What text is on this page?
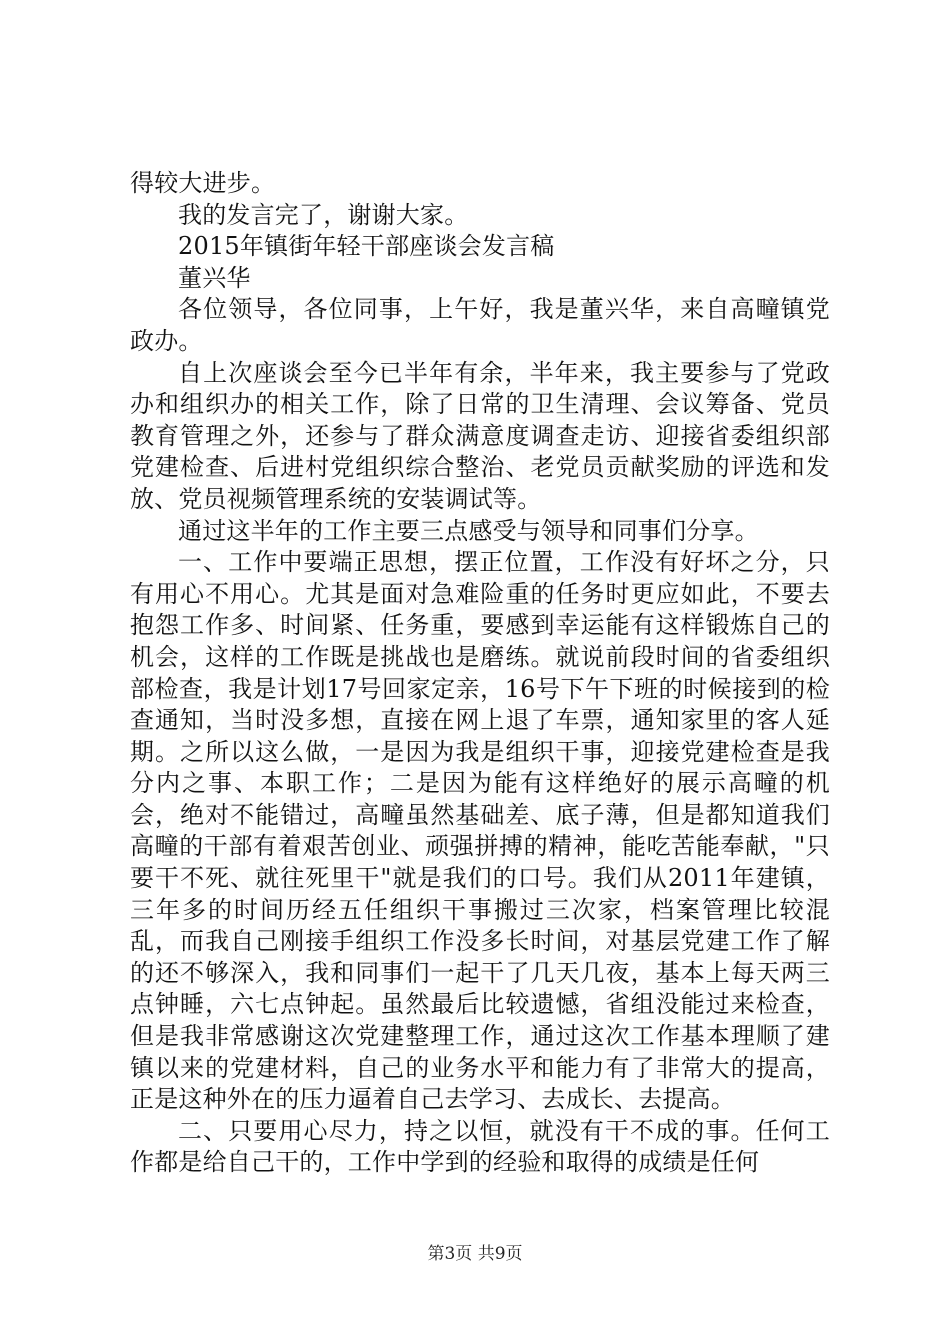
得较大进步。

我的发言完了，谢谢大家。

2015年镇街年轻干部座谈会发言稿

董兴华

各位领导，各位同事，上午好，我是董兴华，来自高疃镇党政办。

自上次座谈会至今已半年有余，半年来，我主要参与了党政办和组织办的相关工作，除了日常的卫生清理、会议筹备、党员教育管理之外，还参与了群众满意度调查走访、迎接省委组织部党建检查、后进村党组织综合整治、老党员贡献奖励的评选和发放、党员视频管理系统的安装调试等。

通过这半年的工作主要三点感受与领导和同事们分享。

一、工作中要端正思想，摆正位置，工作没有好坏之分，只有用心不用心。尤其是面对急难险重的任务时更应如此，不要去抱怨工作多、时间紧、任务重，要感到幸运能有这样锻炼自己的机会，这样的工作既是挑战也是磨练。就说前段时间的省委组织部检查，我是计划17号回家定亲，16号下午下班的时候接到的检查通知，当时没多想，直接在网上退了车票，通知家里的客人延期。之所以这么做，一是因为我是组织干事，迎接党建检查是我分内之事、本职工作；二是因为能有这样绝好的展示高疃的机会，绝对不能错过，高疃虽然基础差、底子薄，但是都知道我们高疃的干部有着艰苦创业、顽强拼搏的精神，能吃苦能奉献，"只要干不死、就往死里干"就是我们的口号。我们从2011年建镇，三年多的时间历经五任组织干事搬过三次家，档案管理比较混乱，而我自己刚接手组织工作没多长时间，对基层党建工作了解的还不够深入，我和同事们一起干了几天几夜，基本上每天两三点钟睡，六七点钟起。虽然最后比较遗憾，省组没能过来检查，但是我非常感谢这次党建整理工作，通过这次工作基本理顺了建镇以来的党建材料，自己的业务水平和能力有了非常大的提高，正是这种外在的压力逼着自己去学习、去成长、去提高。

二、只要用心尽力，持之以恒，就没有干不成的事。任何工作都是给自己干的，工作中学到的经验和取得的成绩是任何

第3页 共9页
